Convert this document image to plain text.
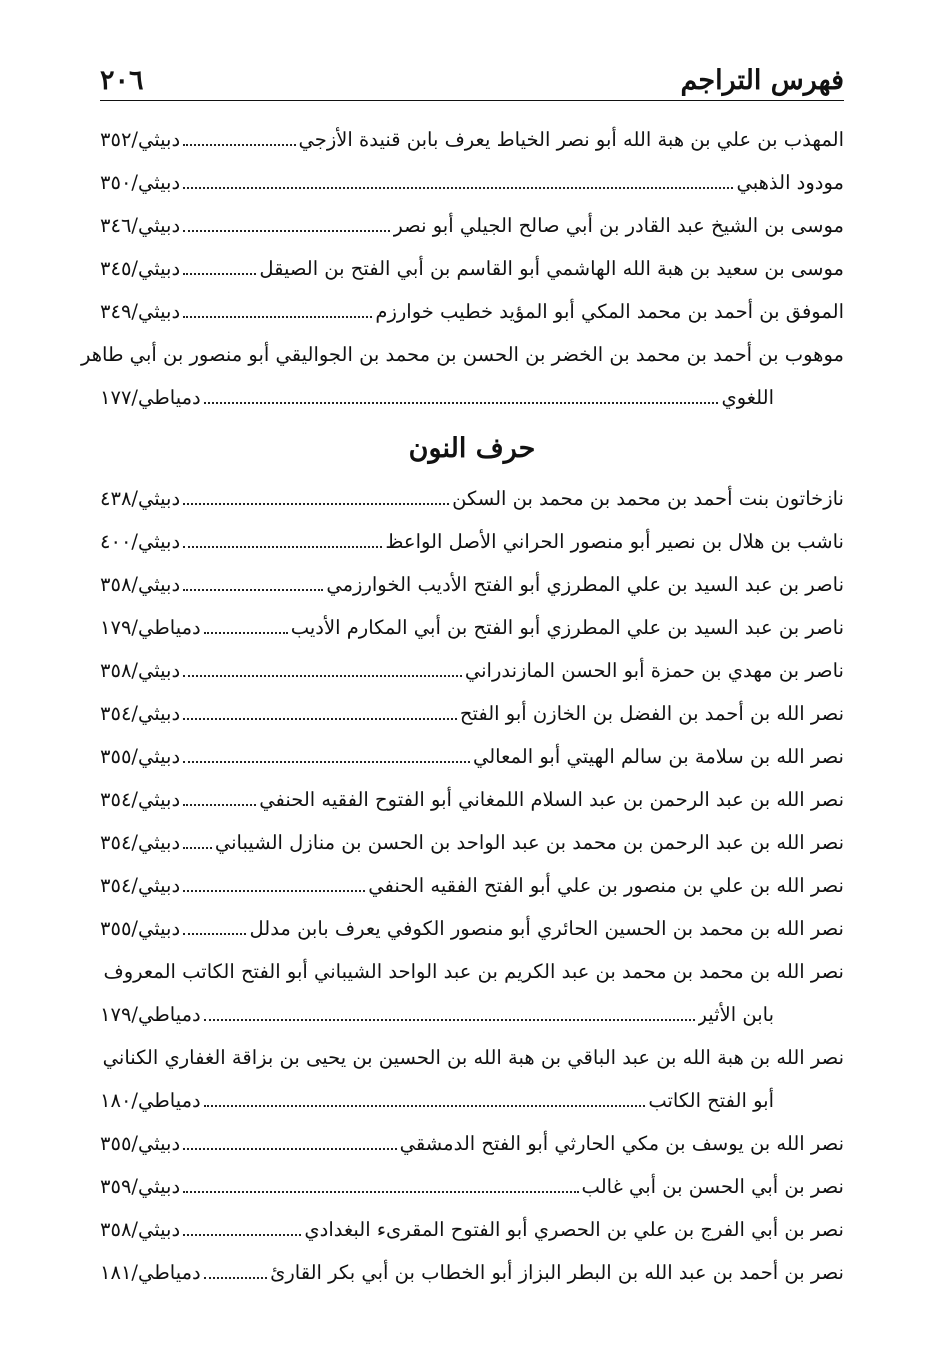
فهرس التراجم
٢٠٦
المهذب بن علي بن هبة الله أبو نصر الخياط يعرف بابن قنيدة الأزجي
دبيثي/٣٥٢
مودود الذهبي
دبيثي/٣٥٠
موسى بن الشيخ عبد القادر بن أبي صالح الجيلي أبو نصر
دبيثي/٣٤٦
موسى بن سعيد بن هبة الله الهاشمي أبو القاسم بن أبي الفتح بن الصيقل
دبيثي/٣٤٥
الموفق بن أحمد بن محمد المكي أبو المؤيد خطيب خوارزم
دبيثي/٣٤٩
موهوب بن أحمد بن محمد بن الخضر بن الحسن بن محمد بن الجواليقي أبو منصور بن أبي طاهر
اللغوي
دمياطي/١٧٧
حرف النون
نازخاتون بنت أحمد بن محمد بن محمد بن السكن
دبيثي/٤٣٨
ناشب بن هلال بن نصير أبو منصور الحراني الأصل الواعظ
دبيثي/٤٠٠
ناصر بن عبد السيد بن علي المطرزي أبو الفتح الأديب الخوارزمي
دبيثي/٣٥٨
ناصر بن عبد السيد بن علي المطرزي أبو الفتح بن أبي المكارم الأديب
دمياطي/١٧٩
ناصر بن مهدي بن حمزة أبو الحسن المازندراني
دبيثي/٣٥٨
نصر الله بن أحمد بن الفضل بن الخازن أبو الفتح
دبيثي/٣٥٤
نصر الله بن سلامة بن سالم الهيتي أبو المعالي
دبيثي/٣٥٥
نصر الله بن عبد الرحمن بن عبد السلام اللمغاني أبو الفتوح الفقيه الحنفي
دبيثي/٣٥٤
نصر الله بن عبد الرحمن بن محمد بن عبد الواحد بن الحسن بن منازل الشيباني
دبيثي/٣٥٤
نصر الله بن علي بن منصور بن علي أبو الفتح الفقيه الحنفي
دبيثي/٣٥٤
نصر الله بن محمد بن الحسين الحائري أبو منصور الكوفي يعرف بابن مدلل
دبيثي/٣٥٥
نصر الله بن محمد بن محمد بن عبد الكريم بن عبد الواحد الشيباني أبو الفتح الكاتب المعروف
بابن الأثير
دمياطي/١٧٩
نصر الله بن هبة الله بن عبد الباقي بن هبة الله بن الحسين بن يحيى بن بزاقة الغفاري الكناني
أبو الفتح الكاتب
دمياطي/١٨٠
نصر الله بن يوسف بن مكي الحارثي أبو الفتح الدمشقي
دبيثي/٣٥٥
نصر بن أبي الحسن بن أبي غالب
دبيثي/٣٥٩
نصر بن أبي الفرج بن علي بن الحصري أبو الفتوح المقرىء البغدادي
دبيثي/٣٥٨
نصر بن أحمد بن عبد الله بن البطر البزاز أبو الخطاب بن أبي بكر القارئ
دمياطي/١٨١
